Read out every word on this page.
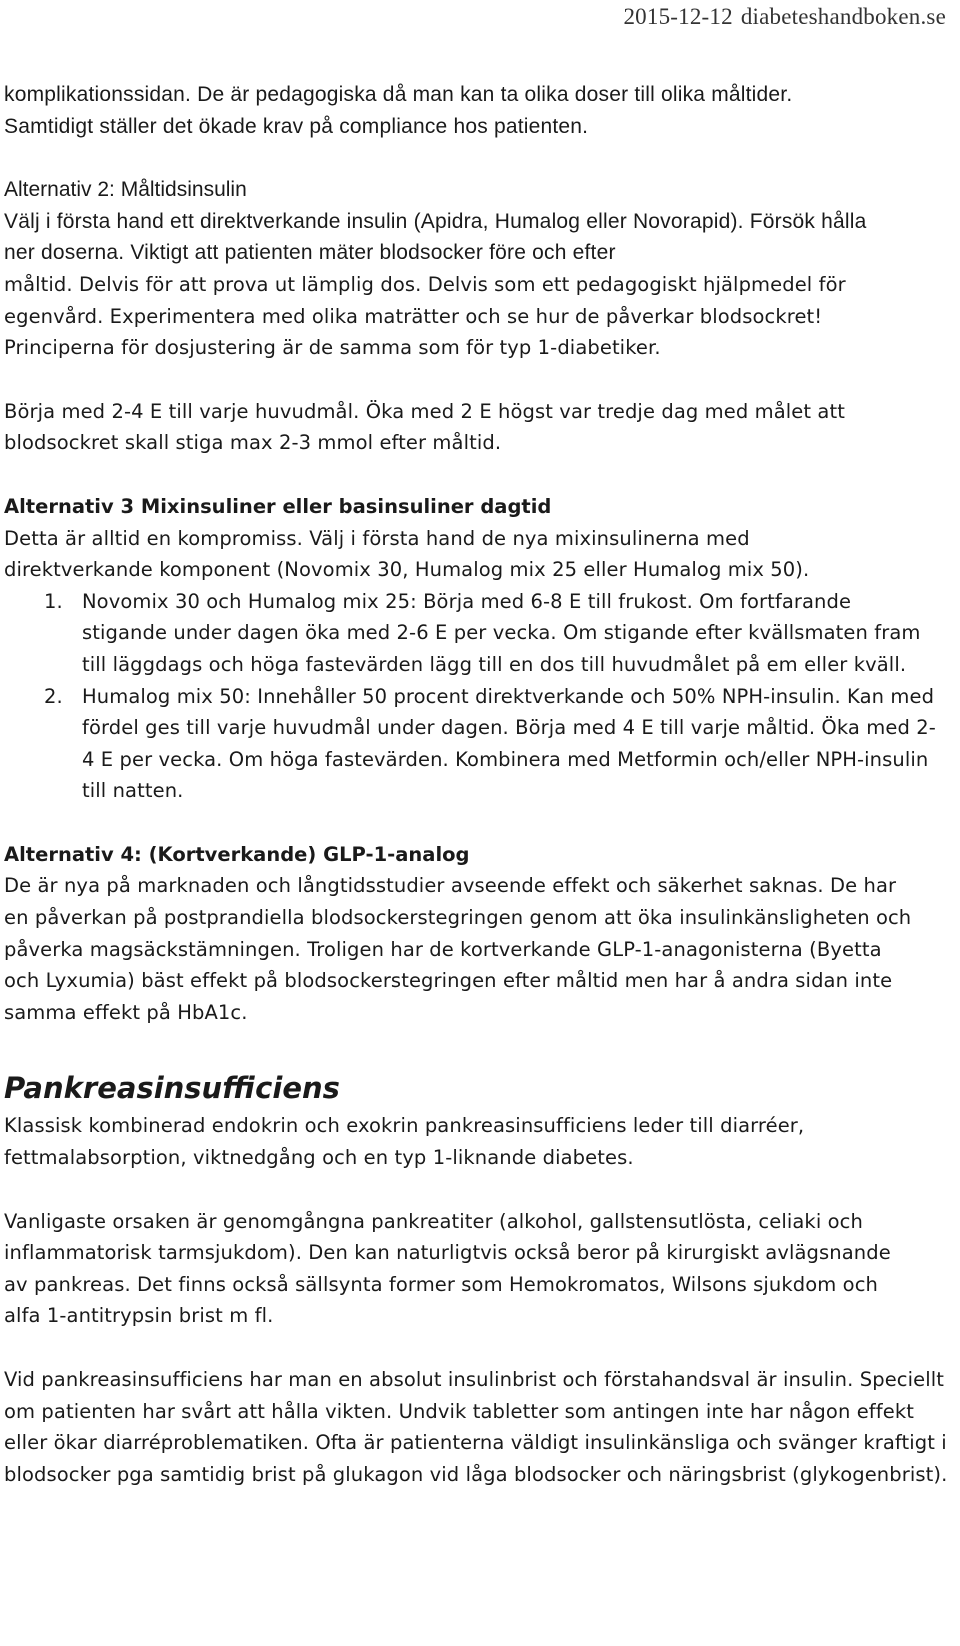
2015-12-12 diabeteshandboken.se

komplikationssidan. De är pedagogiska då man kan ta olika doser till olika måltider. Samtidigt ställer det ökade krav på compliance hos patienten.

Alternativ 2: Måltidsinsulin

Välj i första hand ett direktverkande insulin (Apidra, Humalog eller Novorapid). Försök hålla ner doserna. Viktigt att patienten mäter blodsocker före och efter

måltid. Delvis för att prova ut lämplig dos. Delvis som ett pedagogiskt hjälpmedel för egenvård. Experimentera med olika maträtter och se hur de påverkar blodsockret! Principerna för dosjustering är de samma som för typ 1-diabetiker.

Börja med 2-4 E till varje huvudmål. Öka med 2 E högst var tredje dag med målet att blodsockret skall stiga max 2-3 mmol efter måltid.

Alternativ 3 Mixinsuliner eller basinsuliner dagtid

Detta är alltid en kompromiss. Välj i första hand de nya mixinsulinerna med direktverkande komponent (Novomix 30, Humalog mix 25 eller Humalog mix 50).

1. Novomix 30 och Humalog mix 25: Börja med 6-8 E till frukost. Om fortfarande stigande under dagen öka med 2-6 E per vecka. Om stigande efter kvällsmaten fram till läggdags och höga fastevärden lägg till en dos till huvudmålet på em eller kväll.
2. Humalog mix 50: Innehåller 50 procent direktverkande och 50% NPH-insulin. Kan med fördel ges till varje huvudmål under dagen. Börja med 4 E till varje måltid. Öka med 2-4 E per vecka. Om höga fastevärden. Kombinera med Metformin och/eller NPH-insulin till natten.
Alternativ 4: (Kortverkande) GLP-1-analog

De är nya på marknaden och långtidsstudier avseende effekt och säkerhet saknas. De har en påverkan på postprandiella blodsockerstegringen genom att öka insulinkänsligheten och påverka magsäckstämningen. Troligen har de kortverkande GLP-1-anagonisterna (Byetta och Lyxumia) bäst effekt på blodsockerstegringen efter måltid men har å andra sidan inte samma effekt på HbA1c.

Pankreasinsufficiens

Klassisk kombinerad endokrin och exokrin pankreasinsufficiens leder till diarréer, fettmalabsorption, viktnedgång och en typ 1-liknande diabetes.

Vanligaste orsaken är genomgångna pankreatiter (alkohol, gallstensutlösta, celiaki och inflammatorisk tarmsjukdom). Den kan naturligtvis också beror på kirurgiskt avlägsnande av pankreas. Det finns också sällsynta former som Hemokromatos, Wilsons sjukdom och alfa 1-antitrypsin brist m fl.

Vid pankreasinsufficiens har man en absolut insulinbrist och förstahandsval är insulin. Speciellt om patienten har svårt att hålla vikten. Undvik tabletter som antingen inte har någon effekt eller ökar diarréproblematiken. Ofta är patienterna väldigt insulinkänsliga och svänger kraftigt i blodsocker pga samtidig brist på glukagon vid låga blodsocker och näringsbrist (glykogenbrist).
